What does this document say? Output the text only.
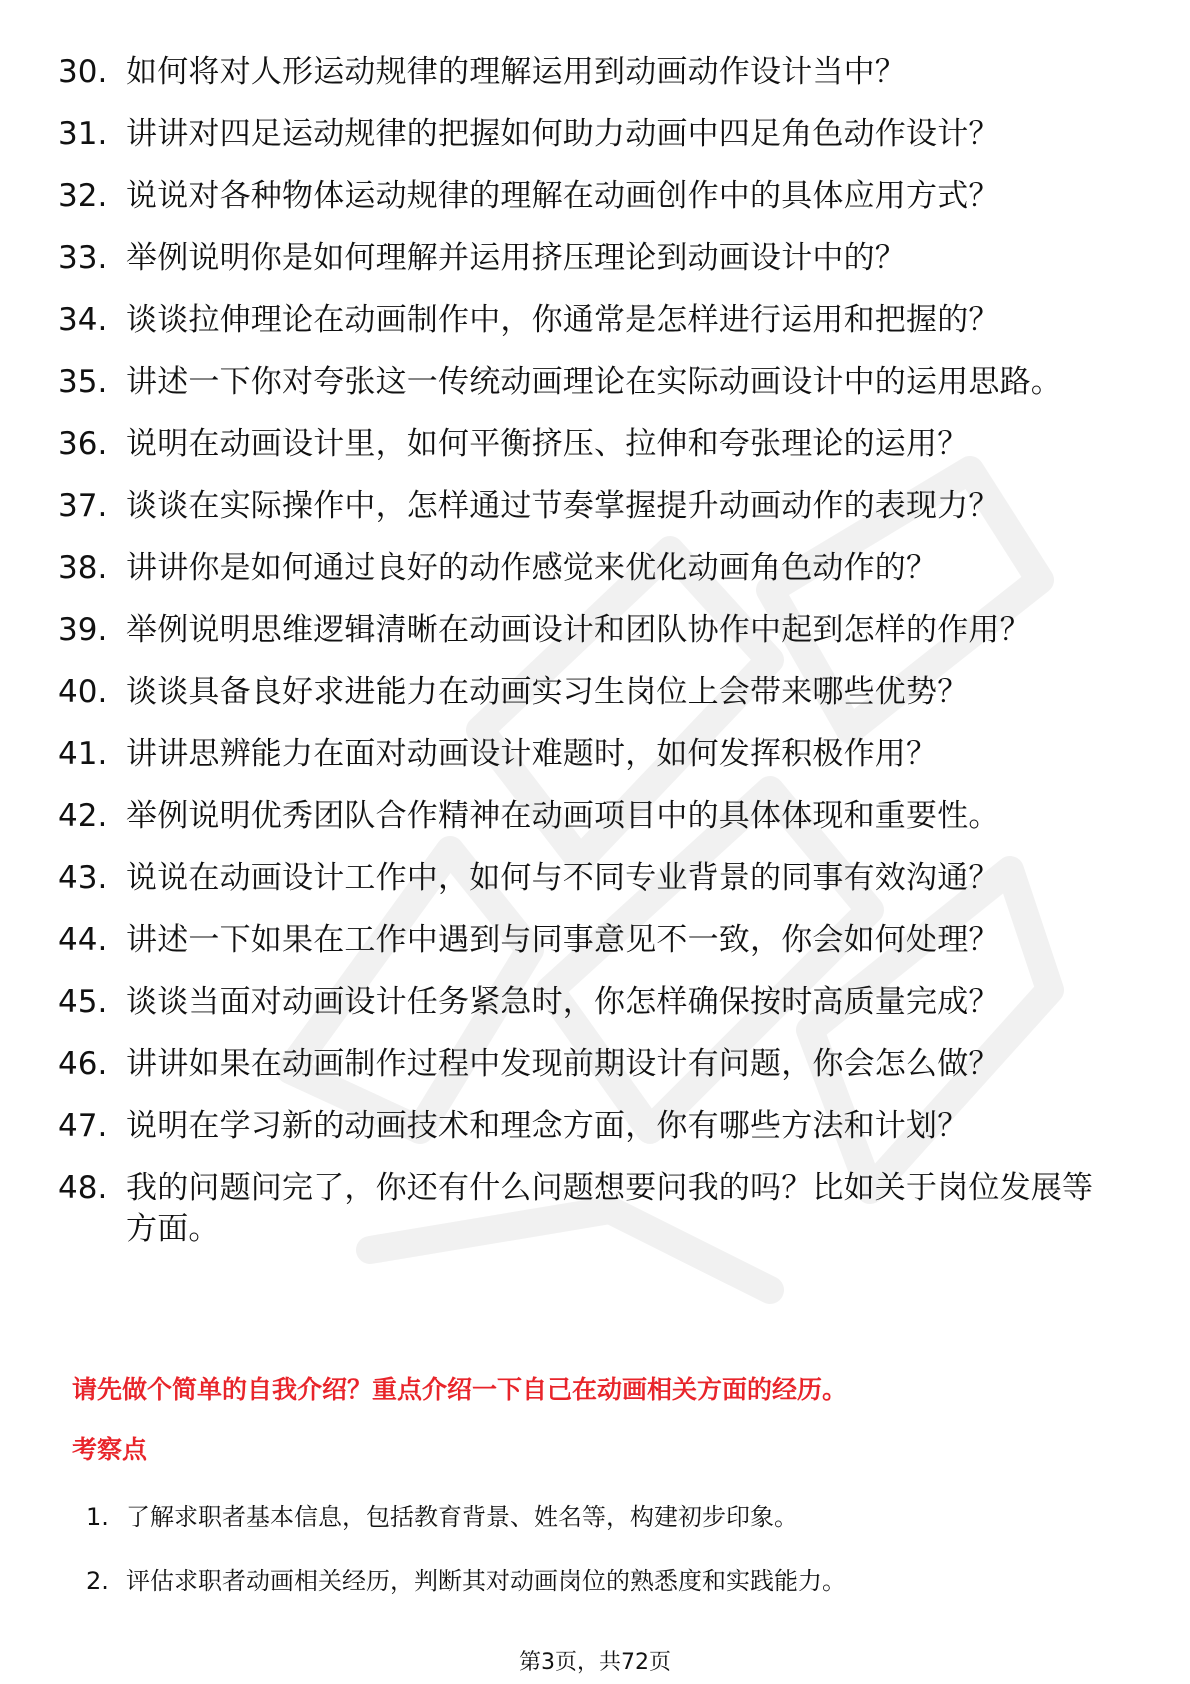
30. 如何将对人形运动规律的理解运用到动画动作设计当中？
31. 讲讲对四足运动规律的把握如何助力动画中四足角色动作设计？
32. 说说对各种物体运动规律的理解在动画创作中的具体应用方式？
33. 举例说明你是如何理解并运用挤压理论到动画设计中的？
34. 谈谈拉伸理论在动画制作中，你通常是怎样进行运用和把握的？
35. 讲述一下你对夸张这一传统动画理论在实际动画设计中的运用思路。
36. 说明在动画设计里，如何平衡挤压、拉伸和夸张理论的运用？
37. 谈谈在实际操作中，怎样通过节奏掌握提升动画动作的表现力？
38. 讲讲你是如何通过良好的动作感觉来优化动画角色动作的？
39. 举例说明思维逻辑清晰在动画设计和团队协作中起到怎样的作用？
40. 谈谈具备良好求进能力在动画实习生岗位上会带来哪些优势？
41. 讲讲思辨能力在面对动画设计难题时，如何发挥积极作用？
42. 举例说明优秀团队合作精神在动画项目中的具体体现和重要性。
43. 说说在动画设计工作中，如何与不同专业背景的同事有效沟通？
44. 讲述一下如果在工作中遇到与同事意见不一致，你会如何处理？
45. 谈谈当面对动画设计任务紧急时，你怎样确保按时高质量完成？
46. 讲讲如果在动画制作过程中发现前期设计有问题，你会怎么做？
47. 说明在学习新的动画技术和理念方面，你有哪些方法和计划？
48. 我的问题问完了，你还有什么问题想要问我的吗？比如关于岗位发展等方面。
请先做个简单的自我介绍？重点介绍一下自己在动画相关方面的经历。
考察点
1. 了解求职者基本信息，包括教育背景、姓名等，构建初步印象。
2. 评估求职者动画相关经历，判断其对动画岗位的熟悉度和实践能力。
第3页，共72页
